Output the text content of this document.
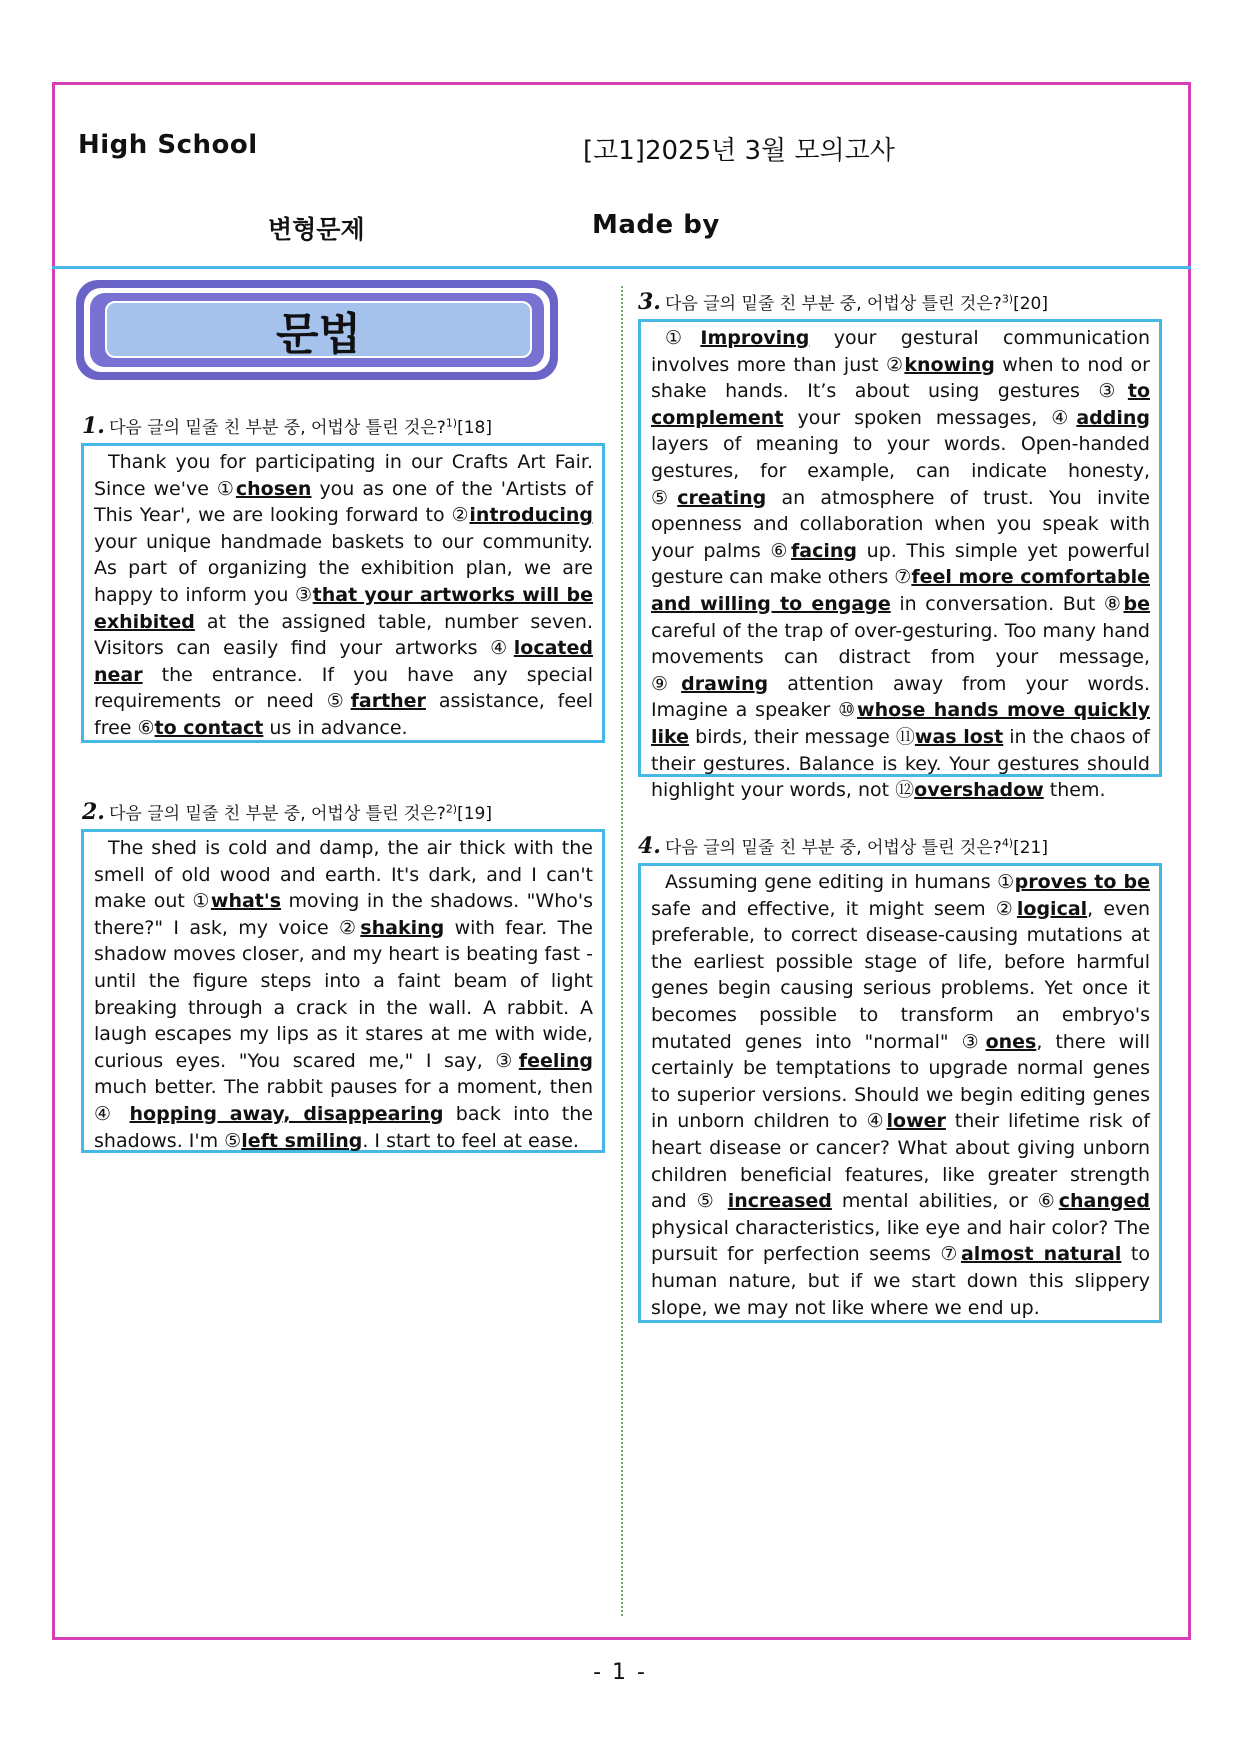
High School	[고1]2025년 3월 모의고사
변형문제	Made by
문법
1. 다음 글의 밑줄 친 부분 중, 어법상 틀린 것은?$^{1)}$[18]

Thank you for participating in our Crafts Art Fair. Since we've ①chosen you as one of the 'Artists of This Year', we are looking forward to ②introducing your unique handmade baskets to our community. As part of organizing the exhibition plan, we are happy to inform you ③that your artworks will be exhibited at the assigned table, number seven. Visitors can easily find your artworks ④located near the entrance. If you have any special requirements or need ⑤farther assistance, feel free ⑥to contact us in advance.

2. 다음 글의 밑줄 친 부분 중, 어법상 틀린 것은?$^{2)}$[19]

The shed is cold and damp, the air thick with the smell of old wood and earth. It's dark, and I can't make out ①what's moving in the shadows. "Who's there?" I ask, my voice ②shaking with fear. The shadow moves closer, and my heart is beating fast - until the figure steps into a faint beam of light breaking through a crack in the wall. A rabbit. A laugh escapes my lips as it stares at me with wide, curious eyes. "You scared me," I say, ③feeling much better. The rabbit pauses for a moment, then ④ hopping away, disappearing back into the shadows. I'm ⑤left smiling. I start to feel at ease.

3. 다음 글의 밑줄 친 부분 중, 어법상 틀린 것은?$^{3)}$[20]

①Improving your gestural communication involves more than just ②knowing when to nod or shake hands. It’s about using gestures ③to complement your spoken messages, ④adding layers of meaning to your words. Open-handed gestures, for example, can indicate honesty, ⑤creating an atmosphere of trust. You invite openness and collaboration when you speak with your palms ⑥facing up. This simple yet powerful gesture can make others ⑦feel more comfortable and willing to engage in conversation. But ⑧be careful of the trap of over-gesturing. Too many hand movements can distract from your message, ⑨drawing attention away from your words. Imagine a speaker ⑩whose hands move quickly like birds, their message ⑪was lost in the chaos of their gestures. Balance is key. Your gestures should highlight your words, not ⑫overshadow them.

4. 다음 글의 밑줄 친 부분 중, 어법상 틀린 것은?$^{4)}$[21]

Assuming gene editing in humans ①proves to be safe and effective, it might seem ②logical, even preferable, to correct disease-causing mutations at the earliest possible stage of life, before harmful genes begin causing serious problems. Yet once it becomes possible to transform an embryo's mutated genes into "normal" ③ones, there will certainly be temptations to upgrade normal genes to superior versions. Should we begin editing genes in unborn children to ④lower their lifetime risk of heart disease or cancer? What about giving unborn children beneficial features, like greater strength and ⑤ increased mental abilities, or ⑥changed physical characteristics, like eye and hair color? The pursuit for perfection seems ⑦almost natural to human nature, but if we start down this slippery slope, we may not like where we end up.

- 1 -
